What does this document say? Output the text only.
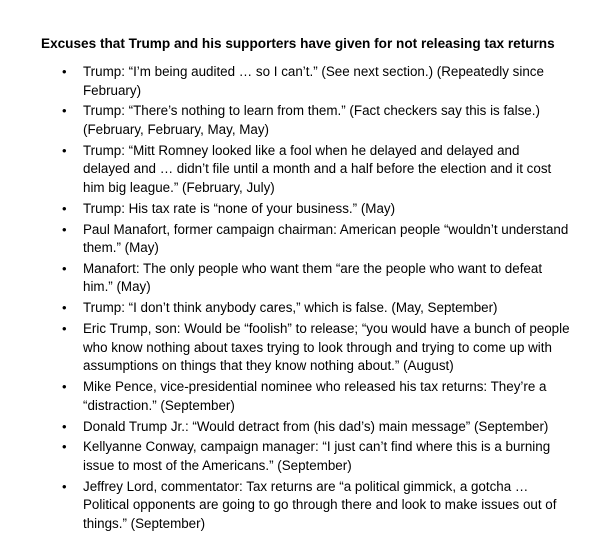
Excuses that Trump and his supporters have given for not releasing tax returns
• Trump: “I’m being audited … so I can’t.” (See next section.) (Repeatedly since February)
• Trump: “There’s nothing to learn from them.” (Fact checkers say this is false.) (February, February, May, May)
• Trump: “Mitt Romney looked like a fool when he delayed and delayed and delayed and … didn’t file until a month and a half before the election and it cost him big league.” (February, July)
• Trump: His tax rate is “none of your business.” (May)
• Paul Manafort, former campaign chairman: American people “wouldn’t understand them.” (May)
• Manafort: The only people who want them “are the people who want to defeat him.” (May)
• Trump: “I don’t think anybody cares,” which is false. (May, September)
• Eric Trump, son: Would be “foolish” to release; “you would have a bunch of people who know nothing about taxes trying to look through and trying to come up with assumptions on things that they know nothing about.” (August)
• Mike Pence, vice-presidential nominee who released his tax returns: They’re a “distraction.” (September)
• Donald Trump Jr.: “Would detract from (his dad’s) main message” (September)
• Kellyanne Conway, campaign manager: “I just can’t find where this is a burning issue to most of the Americans.” (September)
• Jeffrey Lord, commentator: Tax returns are “a political gimmick, a gotcha … Political opponents are going to go through there and look to make issues out of things.” (September)
